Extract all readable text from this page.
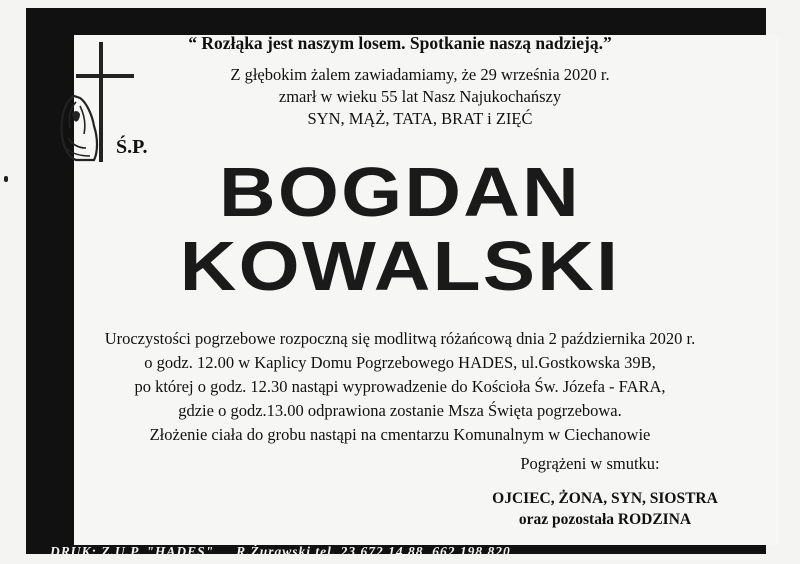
“ Rozłąka jest naszym losem. Spotkanie naszą nadzieją.”
Z głębokim żalem zawiadamiamy, że 29 września 2020 r.
zmarł w wieku 55 lat Nasz Najukochańszy
SYN, MĄŻ, TATA, BRAT i ZIĘĆ
Ś.P.
BOGDAN
KOWALSKI
Uroczystości pogrzebowe rozpoczną się modlitwą różańcową dnia 2 października 2020 r.
o godz. 12.00 w Kaplicy Domu Pogrzebowego HADES, ul.Gostkowska 39B,
po której o godz. 12.30 nastąpi wyprowadzenie do Kościoła Św. Józefa - FARA,
gdzie o godz.13.00 odprawiona zostanie Msza Święta pogrzebowa.
Złożenie ciała do grobu nastąpi na cmentarzu Komunalnym w Ciechanowie
Pogrążeni w smutku:
OJCIEC, ŻONA, SYN, SIOSTRA
oraz pozostała RODZINA
DRUK: Z.U.P. "HADES" R.Żurawski tel. 23 672 14 88, 662 198 820
